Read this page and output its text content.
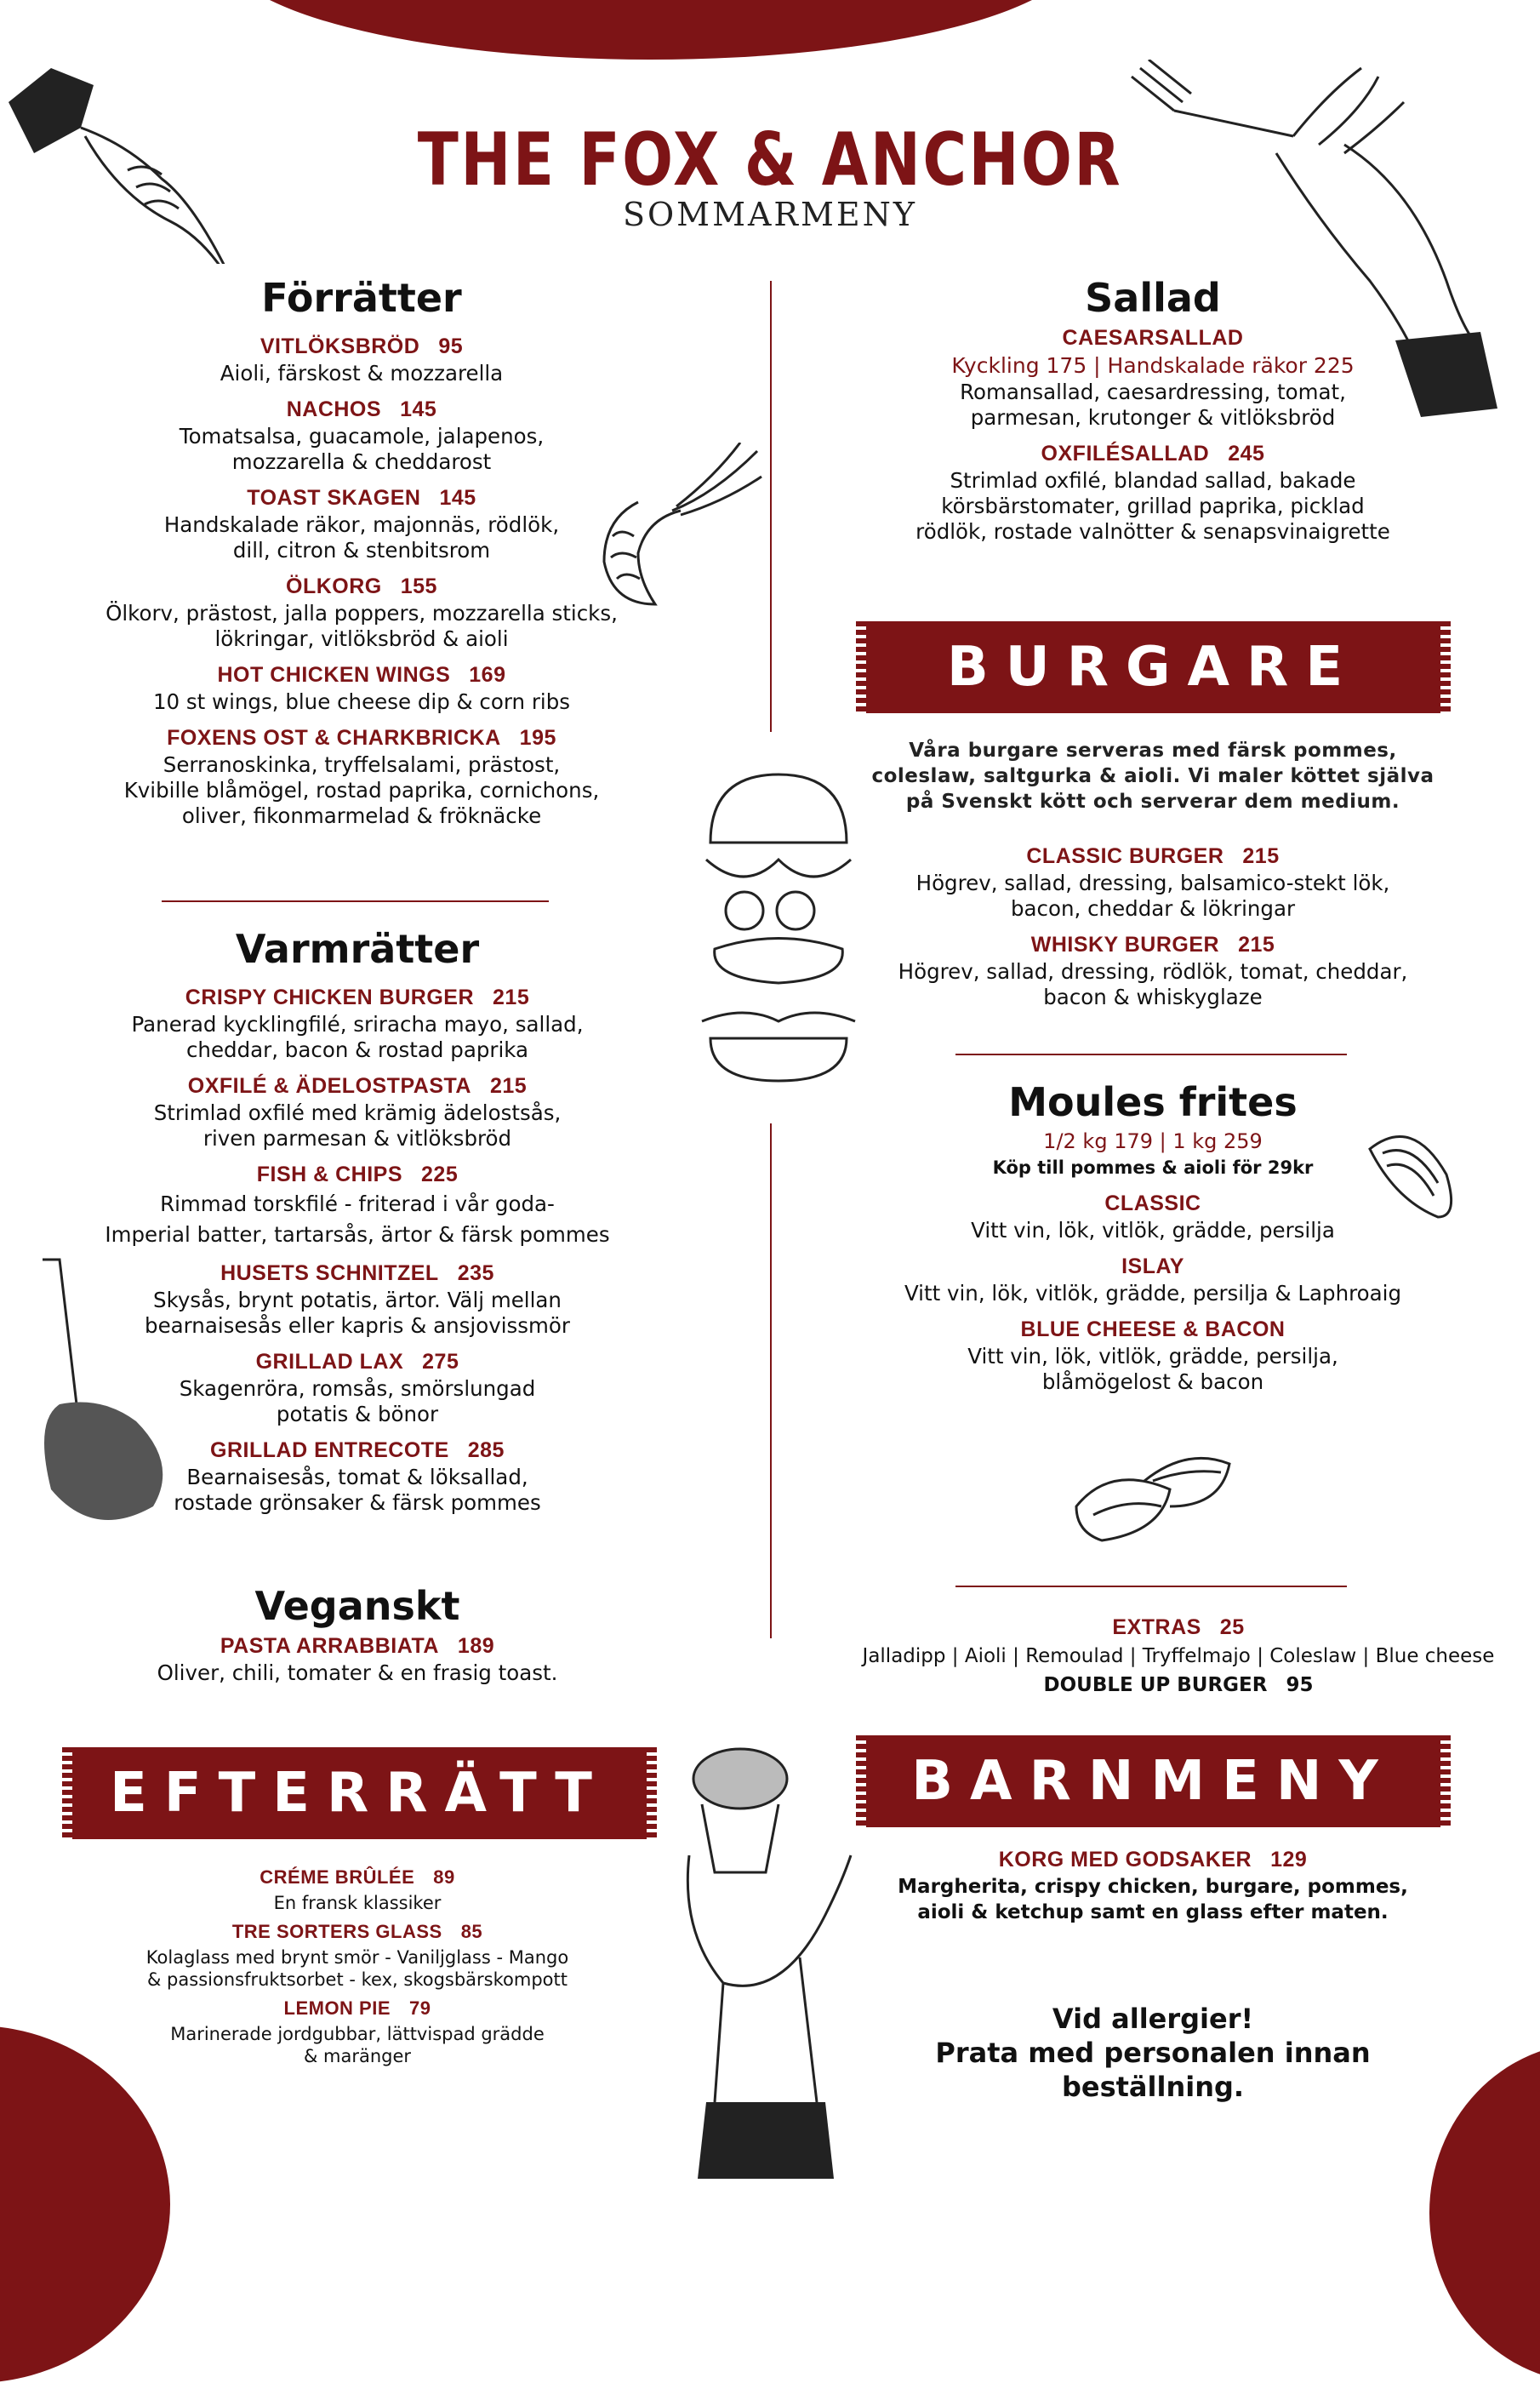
THE FOX & ANCHOR
SOMMARMENY
Förrätter
VITLÖKSBRÖD 95
Aioli, färskost & mozzarella
NACHOS 145
Tomatsalsa, guacamole, jalapenos,
mozzarella & cheddarost
TOAST SKAGEN 145
Handskalade räkor, majonnäs, rödlök,
dill, citron & stenbitsrom
ÖLKORG 155
Ölkorv, prästost, jalla poppers, mozzarella sticks,
lökringar, vitlöksbröd & aioli
HOT CHICKEN WINGS 169
10 st wings, blue cheese dip & corn ribs
FOXENS OST & CHARKBRICKA 195
Serranoskinka, tryffelsalami, prästost,
Kvibille blåmögel, rostad paprika, cornichons,
oliver, fikonmarmelad & fröknäcke
Varmrätter
CRISPY CHICKEN BURGER 215
Panerad kycklingfilé, sriracha mayo, sallad,
cheddar, bacon & rostad paprika
OXFILÉ & ÄDELOSTPASTA 215
Strimlad oxfilé med krämig ädelostsås,
riven parmesan & vitlöksbröd
FISH & CHIPS 225
Rimmad torskfilé - friterad i vår goda-
Imperial batter, tartarsås, ärtor & färsk pommes
HUSETS SCHNITZEL 235
Skysås, brynt potatis, ärtor. Välj mellan
bearnaisesås eller kapris & ansjovissmör
GRILLAD LAX 275
Skagenröra, romsås, smörslungad
potatis & bönor
GRILLAD ENTRECOTE 285
Bearnaisesås, tomat & löksallad,
rostade grönsaker & färsk pommes
Veganskt
PASTA ARRABBIATA 189
Oliver, chili, tomater & en frasig toast.
EFTERRÄTT
CRÉME BRÛLÉE 89
En fransk klassiker
TRE SORTERS GLASS 85
Kolaglass med brynt smör - Vaniljglass - Mango
& passionsfruktsorbet - kex, skogsbärskompott
LEMON PIE 79
Marinerade jordgubbar, lättvispad grädde
& maränger
Sallad
CAESARSALLAD
Kyckling 175 | Handskalade räkor 225
Romansallad, caesardressing, tomat,
parmesan, krutonger & vitlöksbröd
OXFILÉSALLAD 245
Strimlad oxfilé, blandad sallad, bakade
körsbärstomater, grillad paprika, picklad
rödlök, rostade valnötter & senapsvinaigrette
BURGARE
Våra burgare serveras med färsk pommes,
coleslaw, saltgurka & aioli. Vi maler köttet själva
på Svenskt kött och serverar dem medium.
CLASSIC BURGER 215
Högrev, sallad, dressing, balsamico-stekt lök,
bacon, cheddar & lökringar
WHISKY BURGER 215
Högrev, sallad, dressing, rödlök, tomat, cheddar,
bacon & whiskyglaze
Moules frites
1/2 kg 179 | 1 kg 259
Köp till pommes & aioli för 29kr
CLASSIC
Vitt vin, lök, vitlök, grädde, persilja
ISLAY
Vitt vin, lök, vitlök, grädde, persilja & Laphroaig
BLUE CHEESE & BACON
Vitt vin, lök, vitlök, grädde, persilja,
blåmögelost & bacon
EXTRAS 25
Jalladipp | Aioli | Remoulad | Tryffelmajo | Coleslaw | Blue cheese
DOUBLE UP BURGER 95
BARNMENY
KORG MED GODSAKER 129
Margherita, crispy chicken, burgare, pommes,
aioli & ketchup samt en glass efter maten.
Vid allergier!
Prata med personalen innan beställning.
